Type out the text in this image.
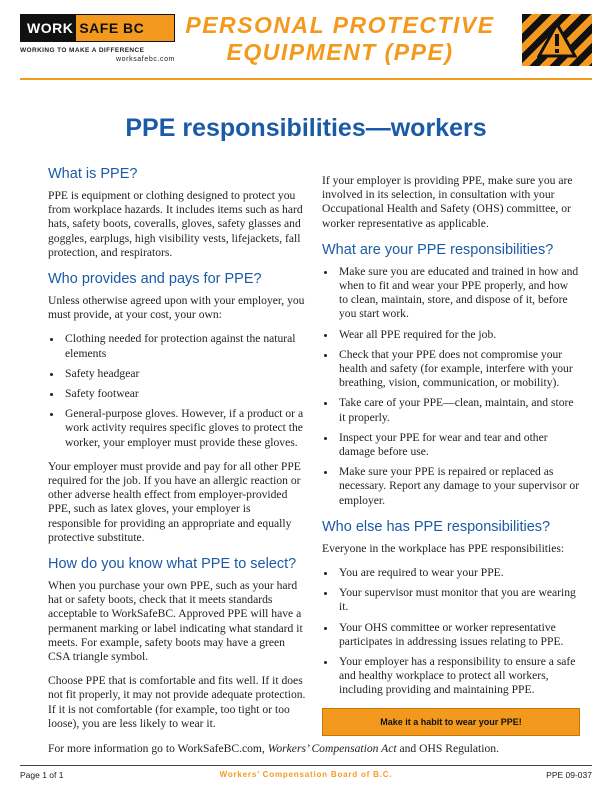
WORK SAFE BC
WORKING TO MAKE A DIFFERENCE
worksafebc.com
PERSONAL PROTECTIVE
EQUIPMENT (PPE)
PPE responsibilities—workers
What is PPE?

PPE is equipment or clothing designed to protect you from workplace hazards. It includes items such as hard hats, safety boots, coveralls, gloves, safety glasses and goggles, earplugs, high visibility vests, lifejackets, fall protection, and respirators.

Who provides and pays for PPE?

Unless otherwise agreed upon with your employer, you must provide, at your cost, your own:

• Clothing needed for protection against the natural elements
• Safety headgear
• Safety footwear
• General-purpose gloves. However, if a product or a work activity requires specific gloves to protect the worker, your employer must provide these gloves.

Your employer must provide and pay for all other PPE required for the job. If you have an allergic reaction or other adverse health effect from employer-provided PPE, such as latex gloves, your employer is responsible for providing an appropriate and equally protective substitute.

How do you know what PPE to select?

When you purchase your own PPE, such as your hard hat or safety boots, check that it meets standards acceptable to WorkSafeBC. Approved PPE will have a permanent marking or label indicating what standard it meets. For example, safety boots may have a green CSA triangle symbol.

Choose PPE that is comfortable and fits well. If it does not fit properly, it may not provide adequate protection. If it is not comfortable (for example, too tight or too loose), you are less likely to wear it.

If your employer is providing PPE, make sure you are involved in its selection, in consultation with your Occupational Health and Safety (OHS) committee, or worker representative as applicable.

What are your PPE responsibilities?
• Make sure you are educated and trained in how and when to fit and wear your PPE properly, and how to clean, maintain, store, and dispose of it, before you start work.
• Wear all PPE required for the job.
• Check that your PPE does not compromise your health and safety (for example, interfere with your breathing, vision, communication, or mobility).
• Take care of your PPE—clean, maintain, and store it properly.
• Inspect your PPE for wear and tear and other damage before use.
• Make sure your PPE is repaired or replaced as necessary. Report any damage to your supervisor or employer.
Who else has PPE responsibilities?

Everyone in the workplace has PPE responsibilities:

• You are required to wear your PPE.
• Your supervisor must monitor that you are wearing it.
• Your OHS committee or worker representative participates in addressing issues relating to PPE.
• Your employer has a responsibility to ensure a safe and healthy workplace to protect all workers, including providing and maintaining PPE.
Make it a habit to wear your PPE!
For more information go to WorkSafeBC.com, Workers’ Compensation Act and OHS Regulation.
Page 1 of 1	Workers’ Compensation Board of B.C.	PPE 09-037
